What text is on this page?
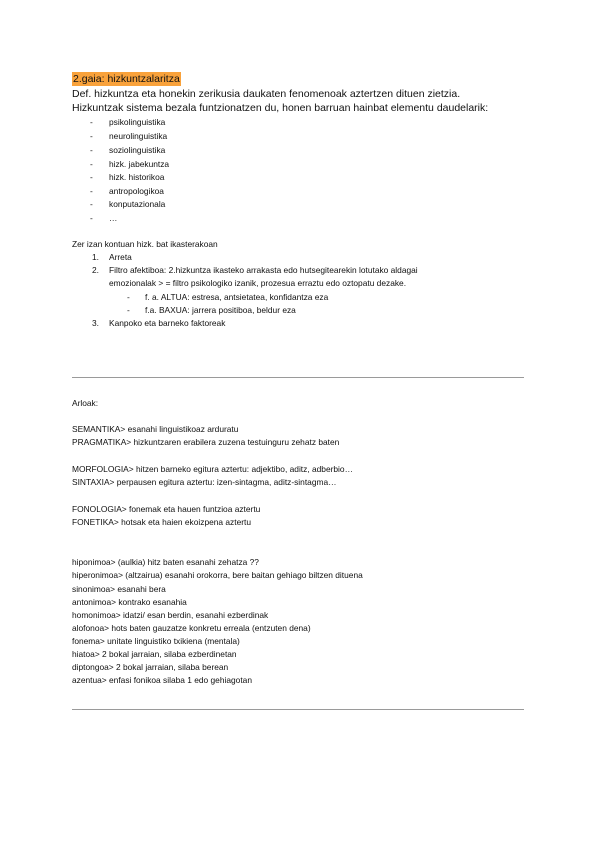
2.gaia: hizkuntzalaritza
Def. hizkuntza eta honekin zerikusia daukaten fenomenoak aztertzen dituen zietzia.
Hizkuntzak sistema bezala funtzionatzen du, honen barruan hainbat elementu daudelarik:
- psikolinguistika
- neurolinguistika
- soziolinguistika
- hizk. jabekuntza
- hizk. historikoa
- antropologikoa
- konputazionala
- …
Zer izan kontuan hizk. bat ikasterakoan
1. Arreta
2. Filtro afektiboa: 2.hizkuntza ikasteko arrakasta edo hutsegitearekin lotutako aldagai
emozionalak > = filtro psikologiko izanik, prozesua erraztu edo oztopatu dezake.
- f. a. ALTUA: estresa, antsietatea, konfidantza eza
- f.a. BAXUA: jarrera positiboa, beldur eza
3. Kanpoko eta barneko faktoreak
Arloak:
SEMANTIKA> esanahi linguistikoaz arduratu
PRAGMATIKA> hizkuntzaren erabilera zuzena testuinguru zehatz baten
MORFOLOGIA> hitzen barneko egitura aztertu: adjektibo, aditz, adberbio…
SINTAXIA> perpausen egitura aztertu: izen-sintagma, aditz-sintagma…
FONOLOGIA> fonemak eta hauen funtzioa aztertu
FONETIKA> hotsak eta haien ekoizpena aztertu
hiponimoa> (aulkia) hitz baten esanahi zehatza ??
hiperonimoa> (altzairua) esanahi orokorra, bere baitan gehiago biltzen dituena
sinonimoa> esanahi bera
antonimoa> kontrako esanahia
homonimoa> idatzi/ esan berdin, esanahi ezberdinak
alofonoa> hots baten gauzatze konkretu erreala (entzuten dena)
fonema> unitate linguistiko txikiena (mentala)
hiatoa> 2 bokal jarraian, silaba ezberdinetan
diptongoa> 2 bokal jarraian, silaba berean
azentua> enfasi fonikoa silaba 1 edo gehiagotan
